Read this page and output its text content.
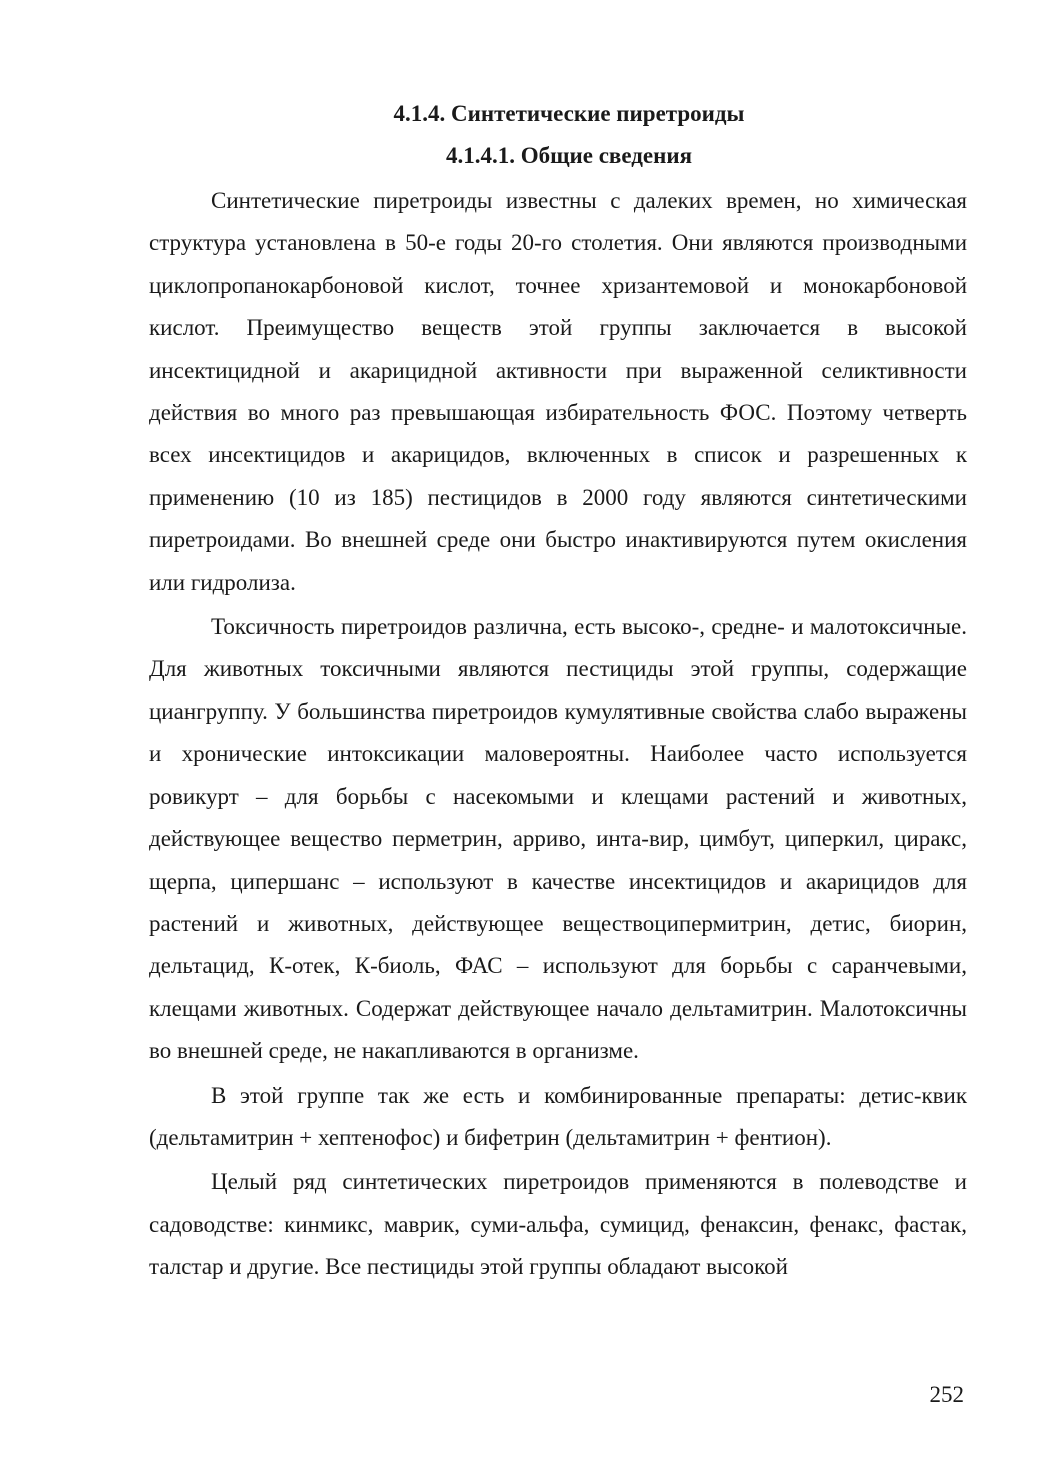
4.1.4. Синтетические пиретроиды
4.1.4.1. Общие сведения

Синтетические пиретроиды известны с далеких времен, но химическая структура установлена в 50-е годы 20-го столетия. Они являются производными циклопропанокарбоновой кислот, точнее хризантемовой и монокарбоновой кислот. Преимущество веществ этой группы заключается в высокой инсектицидной и акарицидной активности при выраженной селиктивности действия во много раз превышающая избирательность ФОС. Поэтому четверть всех инсектицидов и акарицидов, включенных в список и разрешенных к применению (10 из 185) пестицидов в 2000 году являются синтетическими пиретроидами. Во внешней среде они быстро инактивируются путем окисления или гидролиза.

Токсичность пиретроидов различна, есть высоко-, средне- и малотоксичные. Для животных токсичными являются пестициды этой группы, содержащие циангруппу. У большинства пиретроидов кумулятивные свойства слабо выражены и хронические интоксикации маловероятны. Наиболее часто используется ровикурт – для борьбы с насекомыми и клещами растений и животных, действующее вещество перметрин, арриво, инта-вир, цимбут, циперкил, циракс, щерпа, ципершанс – используют в качестве инсектицидов и акарицидов для растений и животных, действующее веществоципермитрин, детис, биорин, дельтацид, К-отек, К-биоль, ФАС – используют для борьбы с саранчевыми, клещами животных. Содержат действующее начало дельтамитрин. Малотоксичны во внешней среде, не накапливаются в организме.

В этой группе так же есть и комбинированные препараты: детис-квик (дельтамитрин + хептенофос) и бифетрин (дельтамитрин + фентион).

Целый ряд синтетических пиретроидов применяются в полеводстве и садоводстве: кинмикс, маврик, суми-альфа, сумицид, фенаксин, фенакс, фастак, талстар и другие. Все пестициды этой группы обладают высокой

252
